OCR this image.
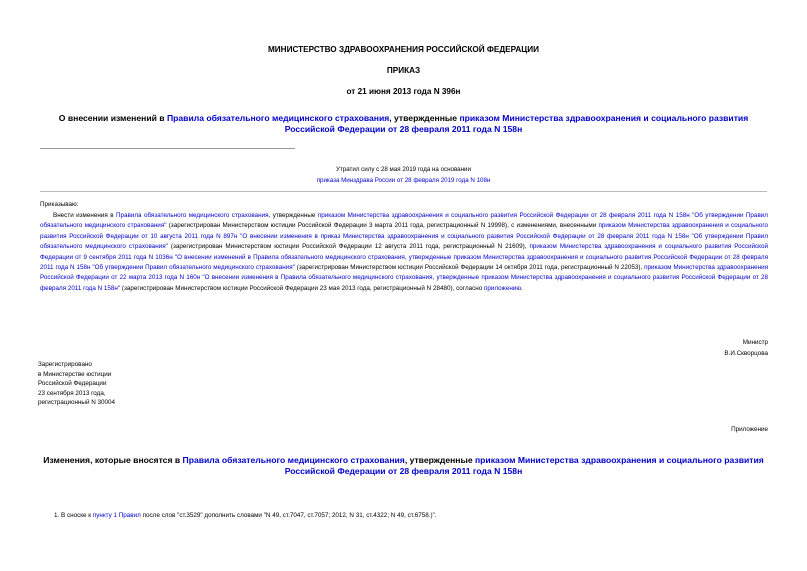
МИНИСТЕРСТВО ЗДРАВООХРАНЕНИЯ РОССИЙСКОЙ ФЕДЕРАЦИИ
ПРИКАЗ
от 21 июня 2013 года N 396н
О внесении изменений в Правила обязательного медицинского страхования, утвержденные приказом Министерства здравоохранения и социального развития Российской Федерации от 28 февраля 2011 года N 158н
Утратил силу с 28 мая 2019 года на основании
приказа Минздрава России от 28 февраля 2019 года N 108н
Приказываю:
Внести изменения в Правила обязательного медицинского страхования, утвержденные приказом Министерства здравоохранения и социального развития Российской Федерации от 28 февраля 2011 года N 158н "Об утверждении Правил обязательного медицинского страхования" (зарегистрирован Министерством юстиции Российской Федерации 3 марта 2011 года, регистрационный N 19998), с изменениями, внесенными приказом Министерства здравоохранения и социального развития Российской Федерации от 10 августа 2011 года N 897н "О внесении изменения в приказ Министерства здравоохранения и социального развития Российской Федерации от 28 февраля 2011 года N 158н "Об утверждении Правил обязательного медицинского страхования" (зарегистрирован Министерством юстиции Российской Федерации 12 августа 2011 года, регистрационный N 21609), приказом Министерства здравоохранения и социального развития Российской Федерации от 9 сентября 2011 года N 1036н "О внесении изменений в Правила обязательного медицинского страхования, утвержденные приказом Министерства здравоохранения и социального развития Российской Федерации от 28 февраля 2011 года N 158н "Об утверждении Правил обязательного медицинского страхования" (зарегистрирован Министерством юстиции Российской Федерации 14 октября 2011 года, регистрационный N 22053), приказом Министерства здравоохранения Российской Федерации от 22 марта 2013 года N 160н "О внесении изменения в Правила обязательного медицинского страхования, утвержденные приказом Министерства здравоохранения и социального развития Российской Федерации от 28 февраля 2011 года N 158н" (зарегистрирован Министерством юстиции Российской Федерации 23 мая 2013 года, регистрационный N 28480), согласно приложению.
Министр
В.И.Скворцова
Зарегистрировано
в Министерстве юстиции
Российской Федерации
23 сентября 2013 года,
регистрационный N 30004
Приложение
Изменения, которые вносятся в Правила обязательного медицинского страхования, утвержденные приказом Министерства здравоохранения и социального развития Российской Федерации от 28 февраля 2011 года N 158н
1. В сноске к пункту 1 Правил после слов "ст.3529" дополнить словами "N 49, ст.7047, ст.7057; 2012, N 31, ст.4322; N 49, ст.6758.)".
